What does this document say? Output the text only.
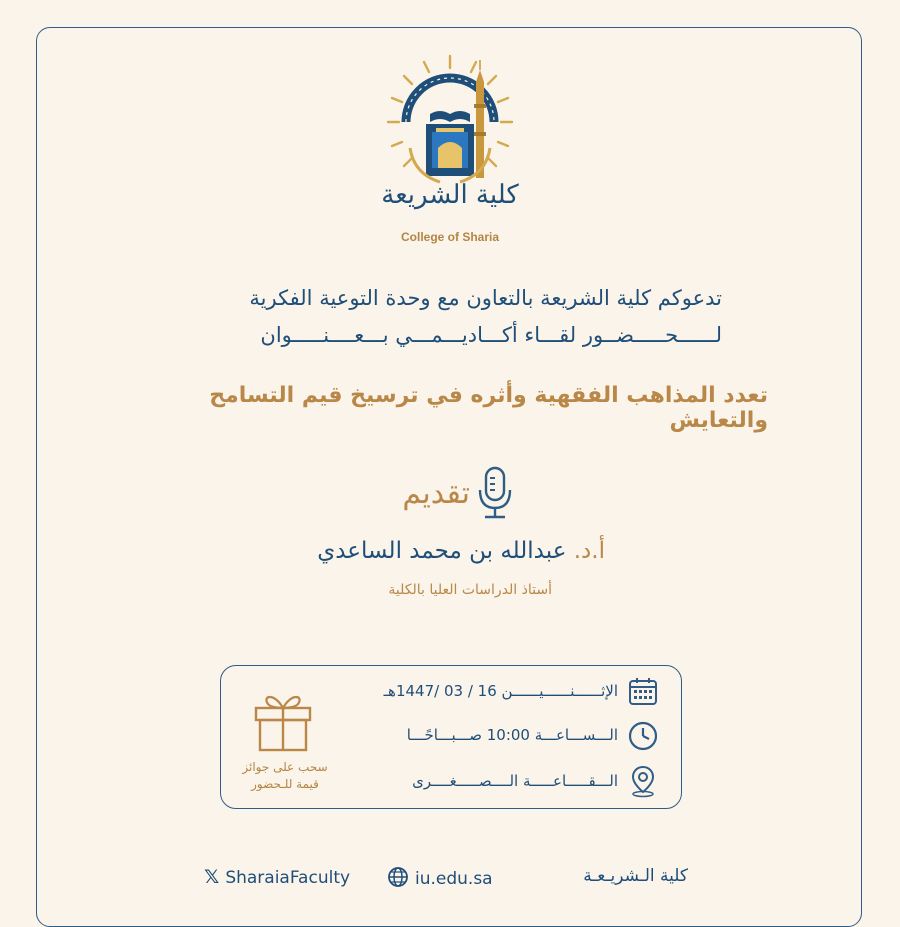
كلية الشريعة
College of Sharia
تدعوكم كلية الشريعة بالتعاون مع وحدة التوعية الفكرية
لــــــحـــــضــور لقـــاء أكـــاديـــمـــي بـــعــــنـــــوان
تعدد المذاهب الفقهية وأثره في ترسيخ قيم التسامح والتعايش
تقديم
أ.د. عبدالله بن محمد الساعدي
أستاذ الدراسات العليا بالكلية
الإثــــــنــــــيــــــن 16 / 03 /1447هـ
الـــســـاعـــة 10:00 صـــبـــاحًـــا
الـــقـــــاعـــــة الــــصـــــغــــرى
سحب على جوائز
قيمة للـحضور
𝕏 SharaiaFaculty	iu.edu.sa	كلية الـشريـعـة
